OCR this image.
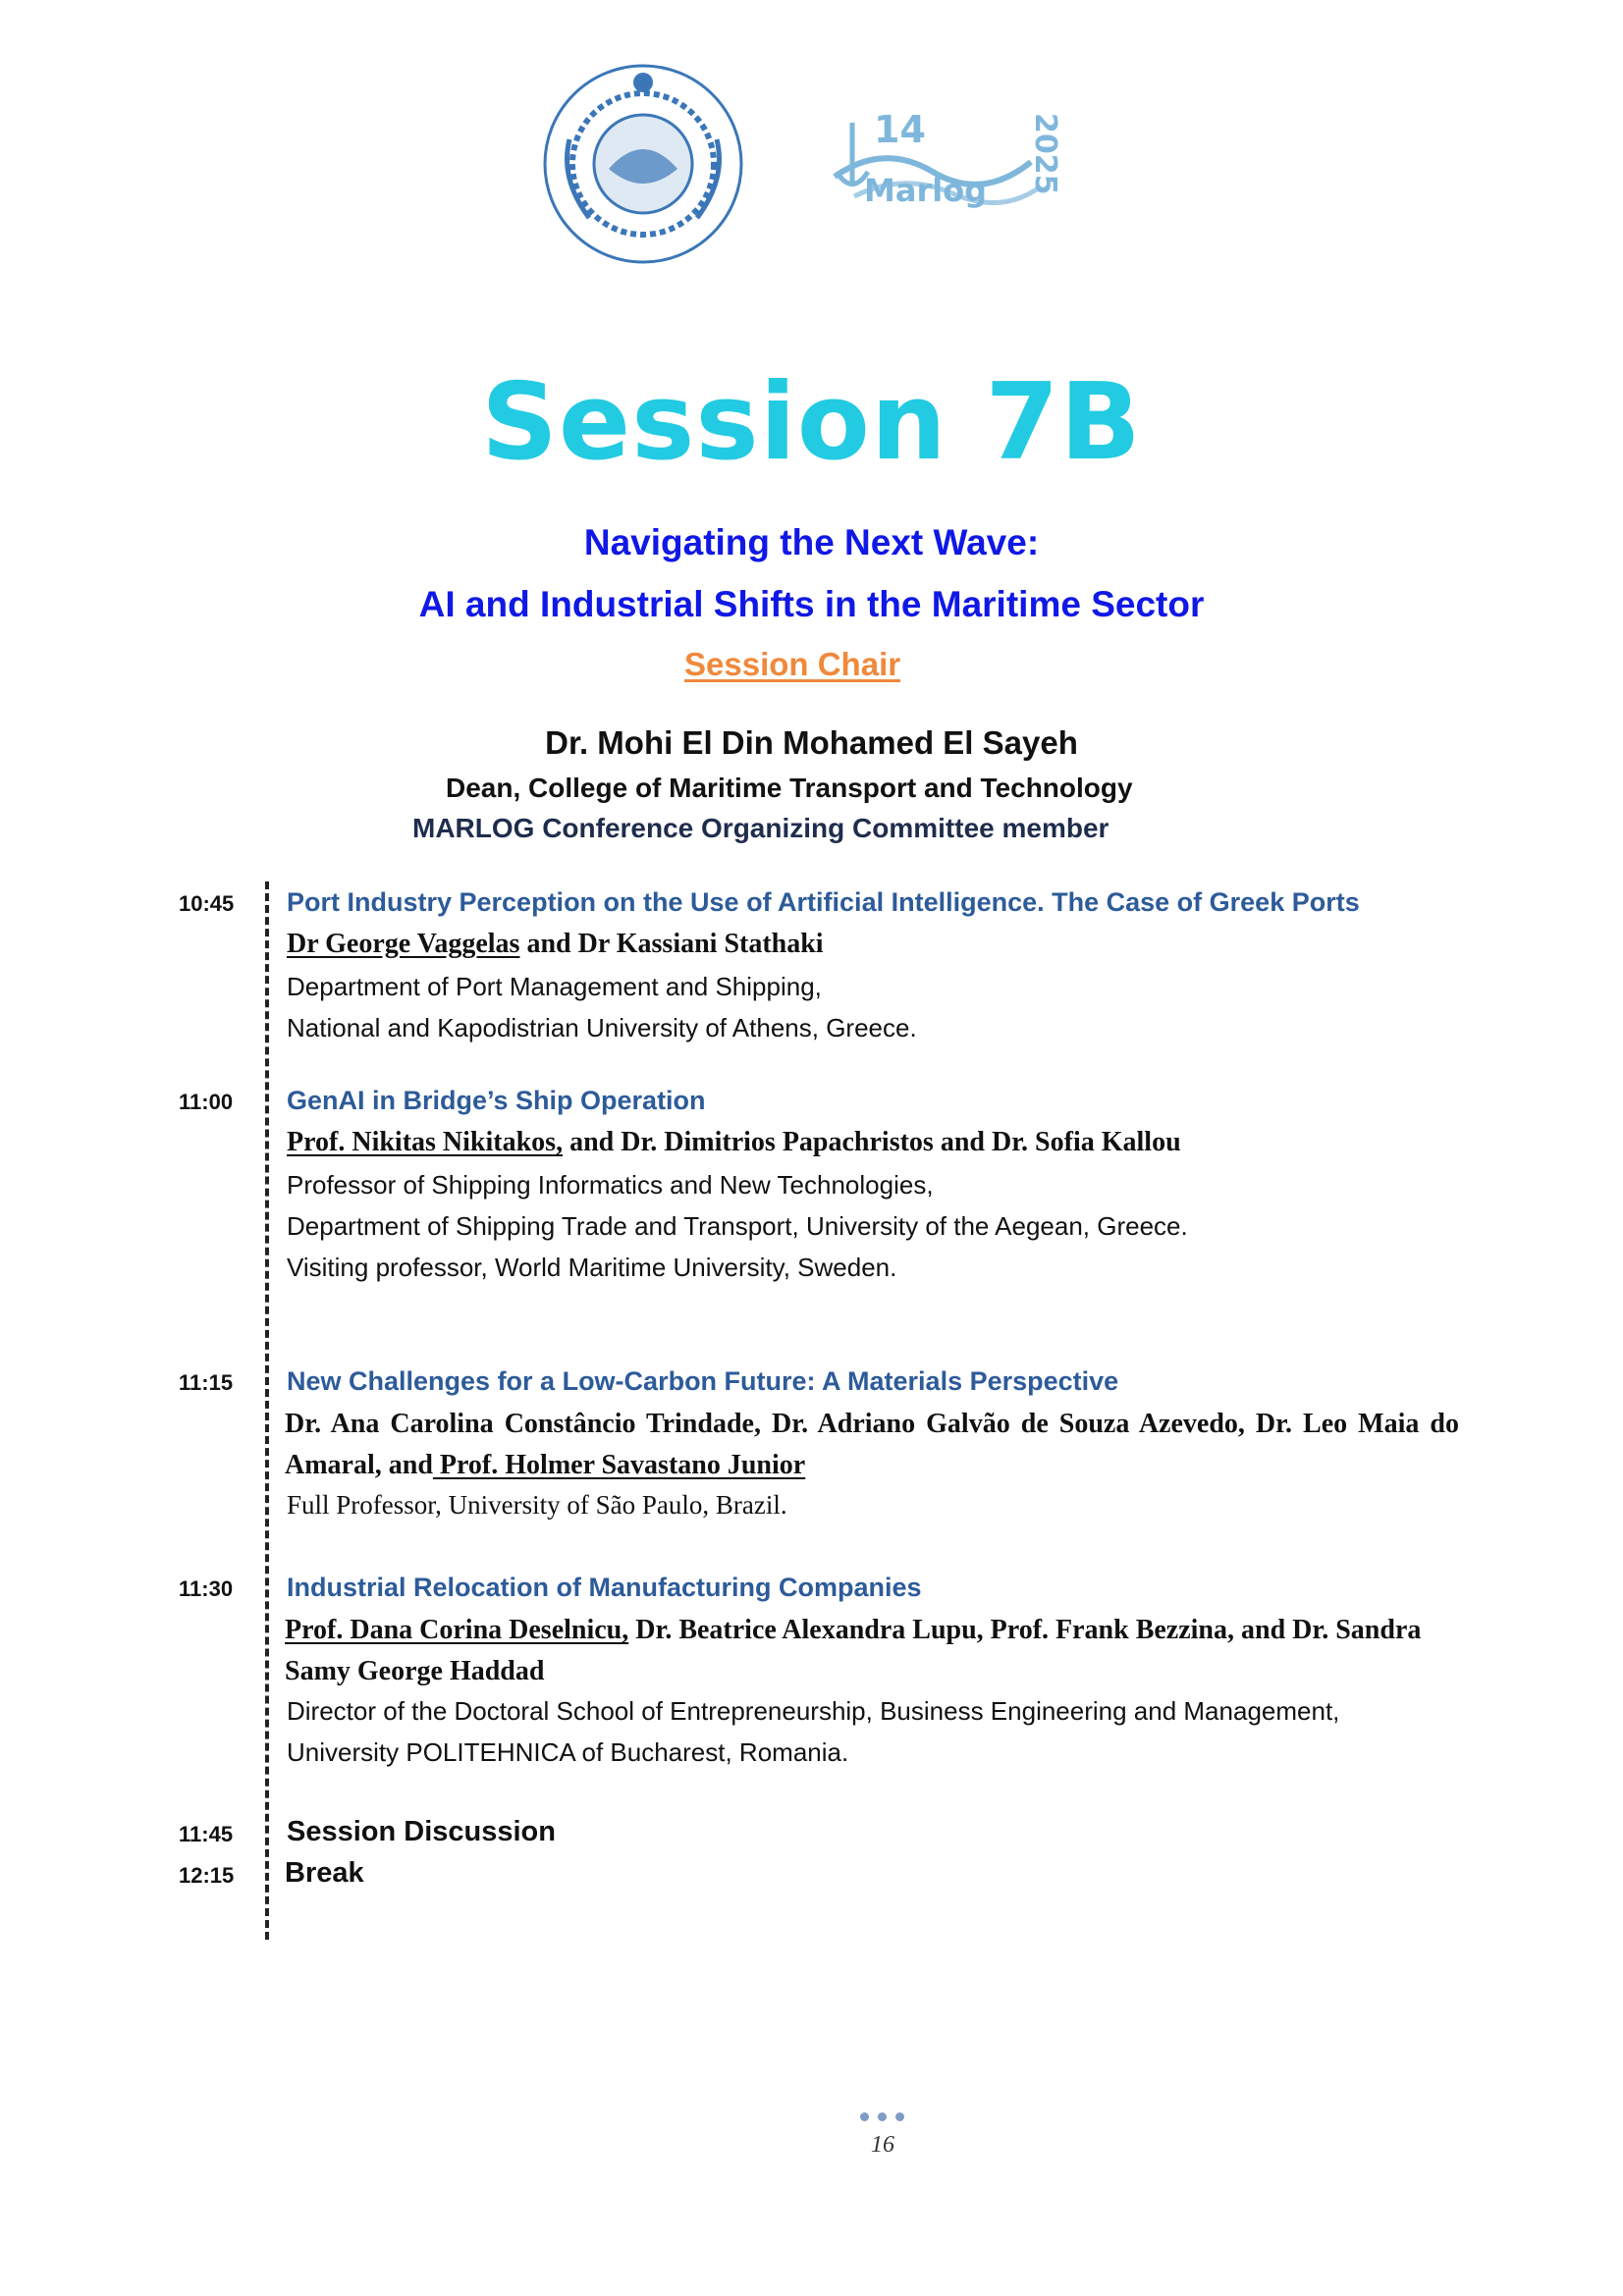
14
Marlog 2025
Session 7B
Navigating the Next Wave:
AI and Industrial Shifts in the Maritime Sector
Session Chair
Dr. Mohi El Din Mohamed El Sayeh
Dean, College of Maritime Transport and Technology
MARLOG Conference Organizing Committee member
10:45 Port Industry Perception on the Use of Artificial Intelligence. The Case of Greek Ports
Dr George Vaggelas and Dr Kassiani Stathaki
Department of Port Management and Shipping,
National and Kapodistrian University of Athens, Greece.
11:00 GenAI in Bridge’s Ship Operation
Prof. Nikitas Nikitakos, and Dr. Dimitrios Papachristos and Dr. Sofia Kallou
Professor of Shipping Informatics and New Technologies,
Department of Shipping Trade and Transport, University of the Aegean, Greece.
Visiting professor, World Maritime University, Sweden.
11:15 New Challenges for a Low-Carbon Future: A Materials Perspective
Dr. Ana Carolina Constâncio Trindade, Dr. Adriano Galvão de Souza Azevedo, Dr. Leo Maia do Amaral, and Prof. Holmer Savastano Junior
Full Professor, University of São Paulo, Brazil.
11:30 Industrial Relocation of Manufacturing Companies
Prof. Dana Corina Deselnicu, Dr. Beatrice Alexandra Lupu, Prof. Frank Bezzina, and Dr. Sandra Samy George Haddad
Director of the Doctoral School of Entrepreneurship, Business Engineering and Management,
University POLITEHNICA of Bucharest, Romania.
11:45 Session Discussion
12:15 Break
16
